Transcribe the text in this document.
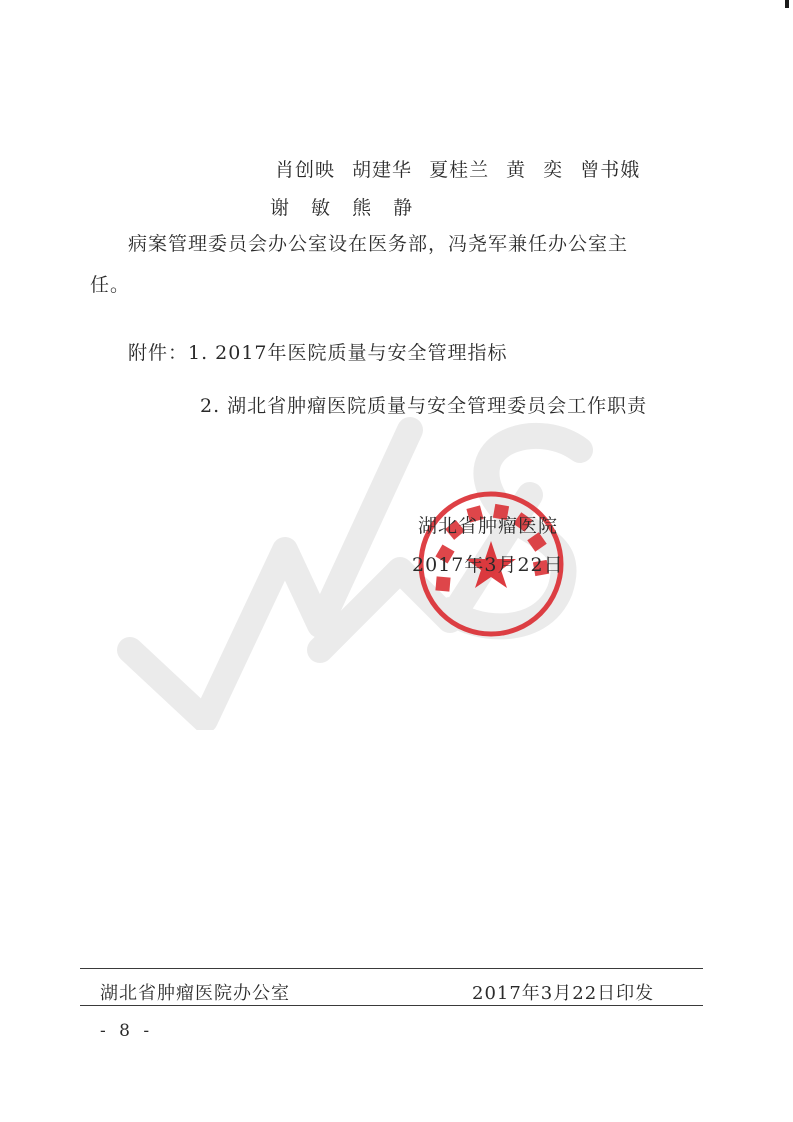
肖创映 胡建华 夏桂兰 黄 奕 曾书娥
谢 敏 熊 静
病案管理委员会办公室设在医务部，冯尧军兼任办公室主
任。
附件：1. 2017年医院质量与安全管理指标
2. 湖北省肿瘤医院质量与安全管理委员会工作职责
湖北省肿瘤医院
2017年3月22日
湖北省肿瘤医院办公室	2017年3月22日印发
- 8 -
